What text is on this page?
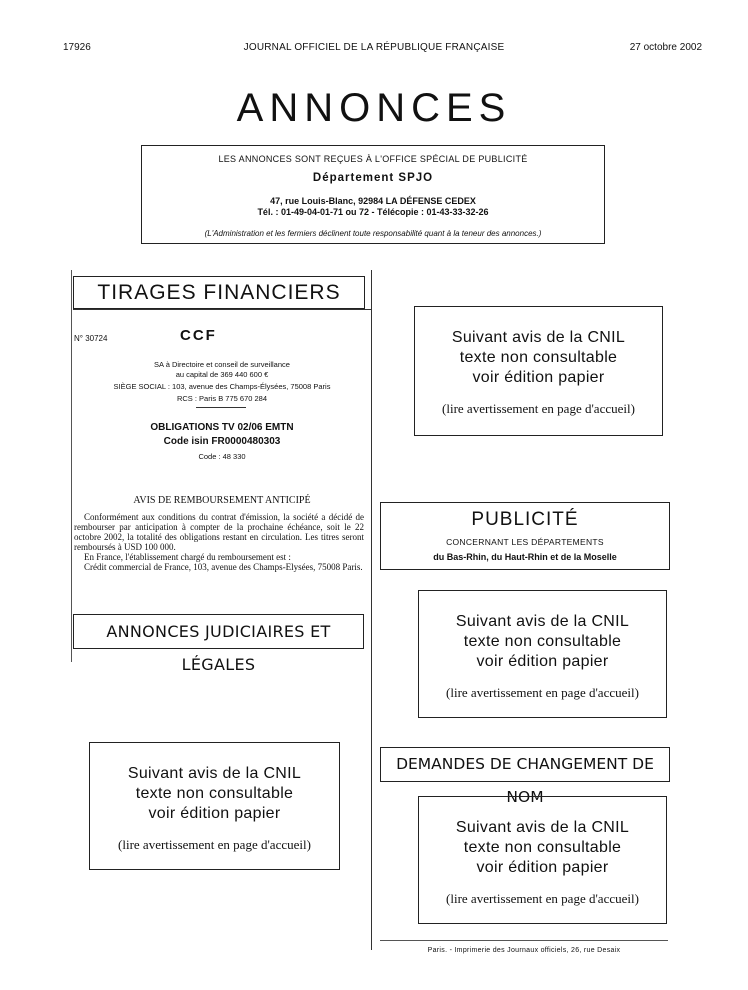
17926	JOURNAL OFFICIEL DE LA RÉPUBLIQUE FRANÇAISE	27 octobre 2002
ANNONCES
LES ANNONCES SONT REÇUES À L'OFFICE SPÉCIAL DE PUBLICITÉ
Département SPJO
47, rue Louis-Blanc, 92984 LA DÉFENSE CEDEX
Tél. : 01-49-04-01-71 ou 72 - Télécopie : 01-43-33-32-26
(L'Administration et les fermiers déclinent toute responsabilité quant à la teneur des annonces.)
TIRAGES FINANCIERS
N° 30724	CCF
SA à Directoire et conseil de surveillance
au capital de 369 440 600 €
SIÈGE SOCIAL : 103, avenue des Champs-Élysées, 75008 Paris
RCS : Paris B 775 670 284
OBLIGATIONS TV 02/06 EMTN
Code isin FR0000480303
Code : 48 330
AVIS DE REMBOURSEMENT ANTICIPÉ

Conformément aux conditions du contrat d'émission, la société a décidé de rembourser par anticipation à compter de la prochaine échéance, soit le 22 octobre 2002, la totalité des obligations restant en circulation. Les titres seront remboursés à USD 100 000.

En France, l'établissement chargé du remboursement est :

Crédit commercial de France, 103, avenue des Champs-Elysées, 75008 Paris.

ANNONCES JUDICIAIRES ET LÉGALES
Suivant avis de la CNIL
texte non consultable
voir édition papier
(lire avertissement en page d'accueil)
Suivant avis de la CNIL
texte non consultable
voir édition papier
(lire avertissement en page d'accueil)
PUBLICITÉ
CONCERNANT LES DÉPARTEMENTS
du Bas-Rhin, du Haut-Rhin et de la Moselle
Suivant avis de la CNIL
texte non consultable
voir édition papier
(lire avertissement en page d'accueil)
DEMANDES DE CHANGEMENT DE NOM
Suivant avis de la CNIL
texte non consultable
voir édition papier
(lire avertissement en page d'accueil)
Paris. - Imprimerie des Journaux officiels, 26, rue Desaix
